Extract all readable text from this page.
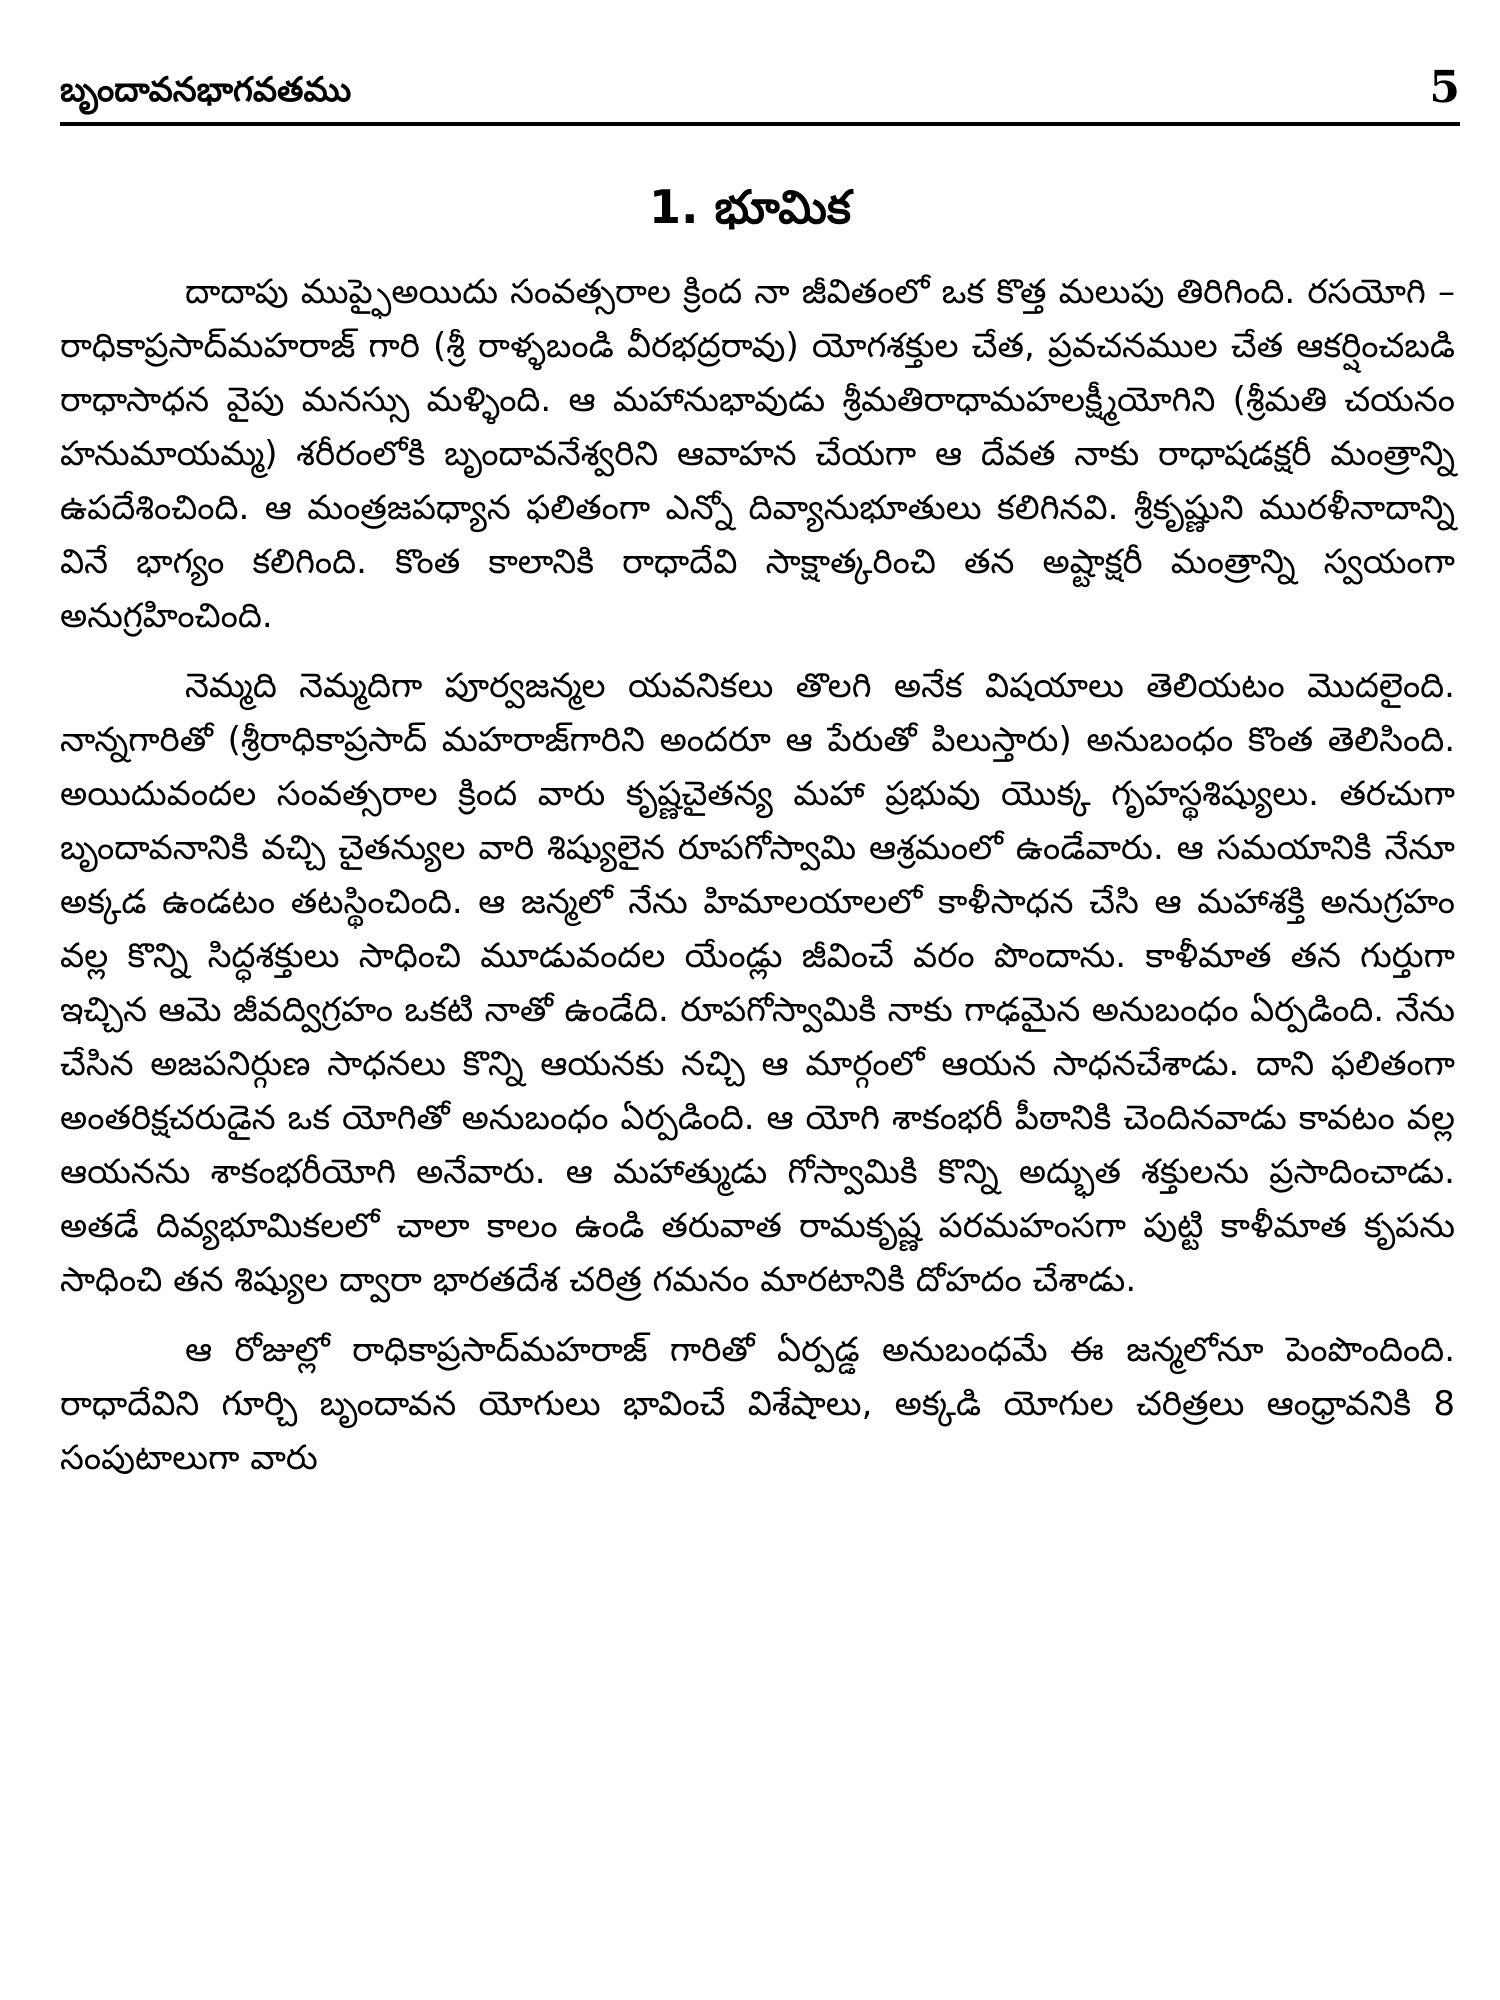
బృందావనభాగవతము	5
1. భూమిక

దాదాపు ముప్ఫైఅయిదు సంవత్సరాల క్రింద నా జీవితంలో ఒక కొత్త మలుపు తిరిగింది. రసయోగి – రాధికాప్రసాద్‌మహరాజ్ గారి (శ్రీ రాళ్ళబండి వీరభద్రరావు) యోగశక్తుల చేత, ప్రవచనముల చేత ఆకర్షించబడి రాధాసాధన వైపు మనస్సు మళ్ళింది. ఆ మహానుభావుడు శ్రీమతిరాధామహలక్ష్మీయోగిని (శ్రీమతి చయనం హనుమాయమ్మ) శరీరంలోకి బృందావనేశ్వరిని ఆవాహన చేయగా ఆ దేవత నాకు రాధాషడక్షరీ మంత్రాన్ని ఉపదేశించింది. ఆ మంత్రజపధ్యాన ఫలితంగా ఎన్నో దివ్యానుభూతులు కలిగినవి. శ్రీకృష్ణుని మురళీనాదాన్ని వినే భాగ్యం కలిగింది. కొంత కాలానికి రాధాదేవి సాక్షాత్కరించి తన అష్టాక్షరీ మంత్రాన్ని స్వయంగా అనుగ్రహించింది.

నెమ్మది నెమ్మదిగా పూర్వజన్మల యవనికలు తొలగి అనేక విషయాలు తెలియటం మొదలైంది. నాన్నగారితో (శ్రీరాధికాప్రసాద్ మహరాజ్‌గారిని అందరూ ఆ పేరుతో పిలుస్తారు) అనుబంధం కొంత తెలిసింది. అయిదువందల సంవత్సరాల క్రింద వారు కృష్ణచైతన్య మహా ప్రభువు యొక్క గృహస్థశిష్యులు. తరచుగా బృందావనానికి వచ్చి చైతన్యుల వారి శిష్యులైన రూపగోస్వామి ఆశ్రమంలో ఉండేవారు. ఆ సమయానికి నేనూ అక్కడ ఉండటం తటస్థించింది. ఆ జన్మలో నేను హిమాలయాలలో కాళీసాధన చేసి ఆ మహాశక్తి అనుగ్రహం వల్ల కొన్ని సిద్ధశక్తులు సాధించి మూడువందల యేండ్లు జీవించే వరం పొందాను. కాళీమాత తన గుర్తుగా ఇచ్చిన ఆమె జీవద్విగ్రహం ఒకటి నాతో ఉండేది. రూపగోస్వామికి నాకు గాఢమైన అనుబంధం ఏర్పడింది. నేను చేసిన అజపనిర్గుణ సాధనలు కొన్ని ఆయనకు నచ్చి ఆ మార్గంలో ఆయన సాధనచేశాడు. దాని ఫలితంగా అంతరిక్షచరుడైన ఒక యోగితో అనుబంధం ఏర్పడింది. ఆ యోగి శాకంభరీ పీఠానికి చెందినవాడు కావటం వల్ల ఆయనను శాకంభరీయోగి అనేవారు. ఆ మహాత్ముడు గోస్వామికి కొన్ని అద్భుత శక్తులను ప్రసాదించాడు. అతడే దివ్యభూమికలలో చాలా కాలం ఉండి తరువాత రామకృష్ణ పరమహంసగా పుట్టి కాళీమాత కృపను సాధించి తన శిష్యుల ద్వారా భారతదేశ చరిత్ర గమనం మారటానికి దోహదం చేశాడు.

ఆ రోజుల్లో రాధికాప్రసాద్‌మహరాజ్ గారితో ఏర్పడ్డ అనుబంధమే ఈ జన్మలోనూ పెంపొందింది. రాధాదేవిని గూర్చి బృందావన యోగులు భావించే విశేషాలు, అక్కడి యోగుల చరిత్రలు ఆంధ్రావనికి 8 సంపుటాలుగా వారు
